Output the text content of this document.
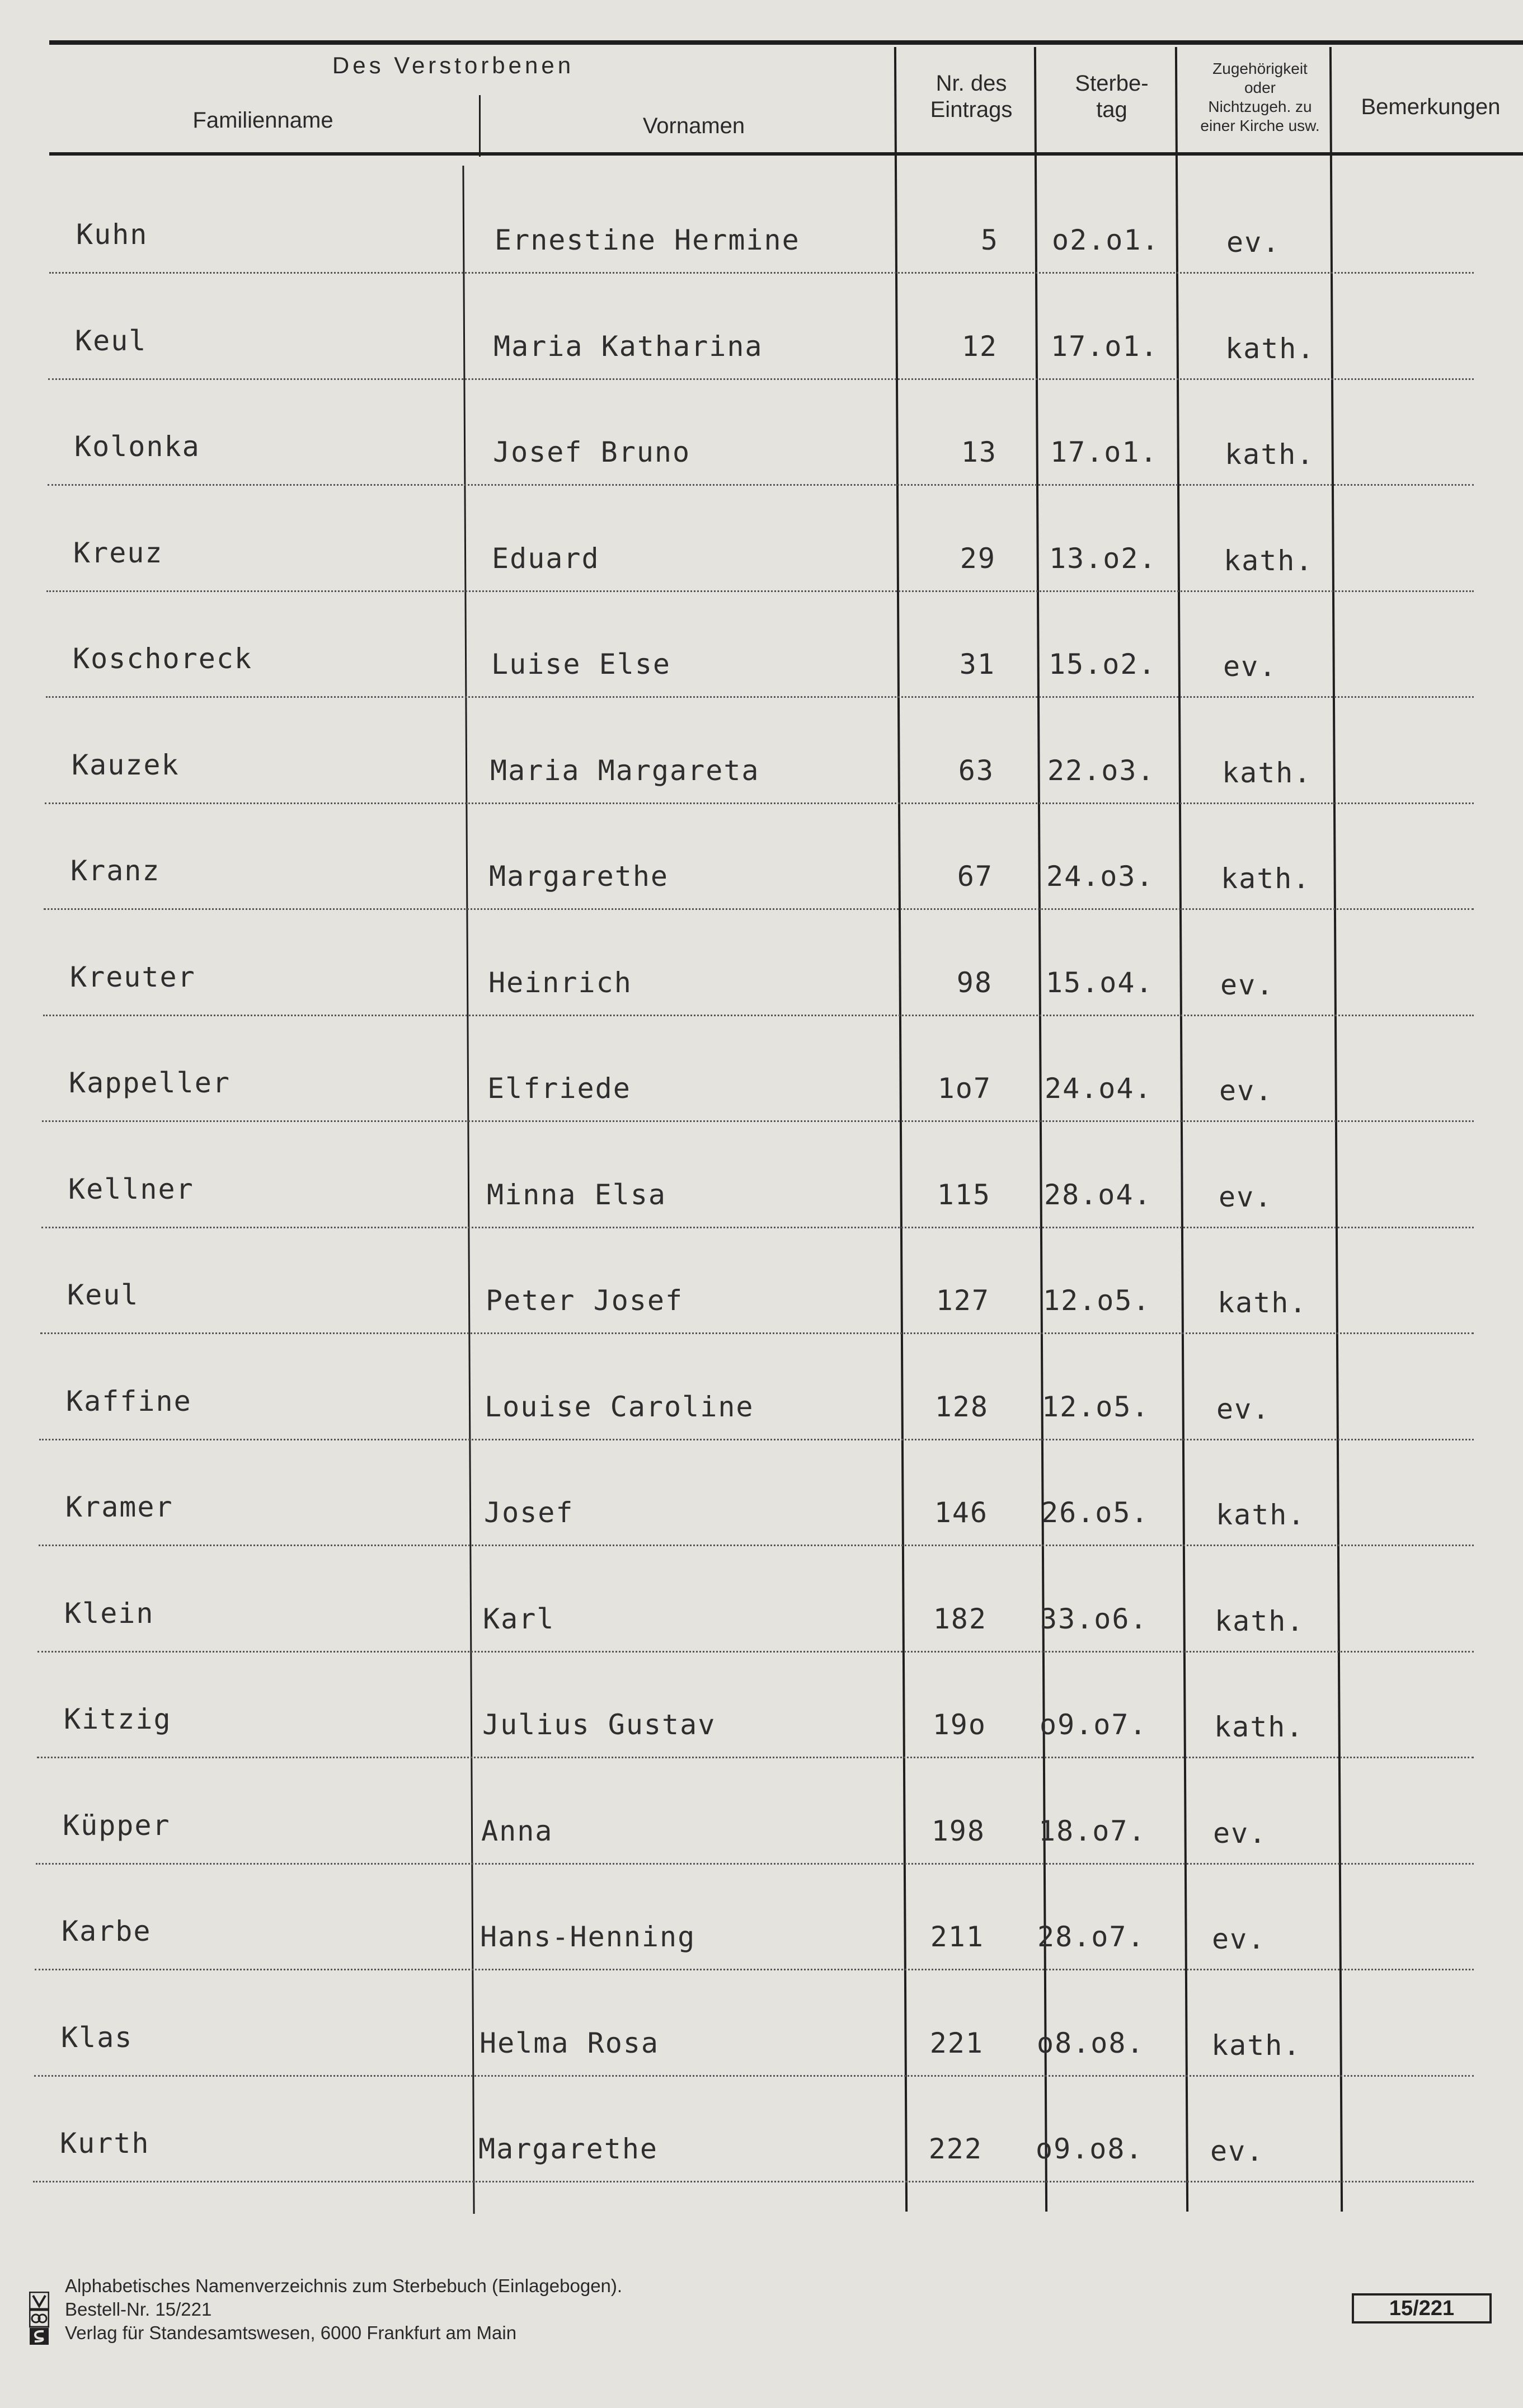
Des Verstorbenen
Familienname	Vornamen
Nr. des
Eintrags
Sterbe-
tag
Zugehörigkeit
oder
Nichtzugeh. zu
einer Kirche usw.
Bemerkungen
Kuhn	Ernestine Hermine	5 o2.o1. ev.
Keul	Maria Katharina	12 17.o1. kath.
Kolonka	Josef Bruno	13 17.o1. kath.
Kreuz	Eduard	29 13.o2. kath.
Koschoreck	Luise Else	31 15.o2. ev.
Kauzek	Maria Margareta	63 22.o3. kath.
Kranz	Margarethe	67 24.o3. kath.
Kreuter	Heinrich	98 15.o4. ev.
Kappeller	Elfriede	1o7 24.o4. ev.
Kellner	Minna Elsa	115 28.o4. ev.
Keul	Peter Josef	127 12.o5. kath.
Kaffine	Louise Caroline	128 12.o5. ev.
Kramer	Josef	146 26.o5. kath.
Klein	Karl	182 33.o6. kath.
Kitzig	Julius Gustav	19o o9.o7. kath.
Küpper	Anna	198 18.o7. ev.
Karbe	Hans-Henning	211 28.o7. ev.
Klas	Helma Rosa	221 o8.o8. kath.
Kurth	Margarethe	222 o9.o8. ev.
Alphabetisches Namenverzeichnis zum Sterbebuch (Einlagebogen).
Bestell-Nr. 15/221
Verlag für Standesamtswesen, 6000 Frankfurt am Main
15/221
